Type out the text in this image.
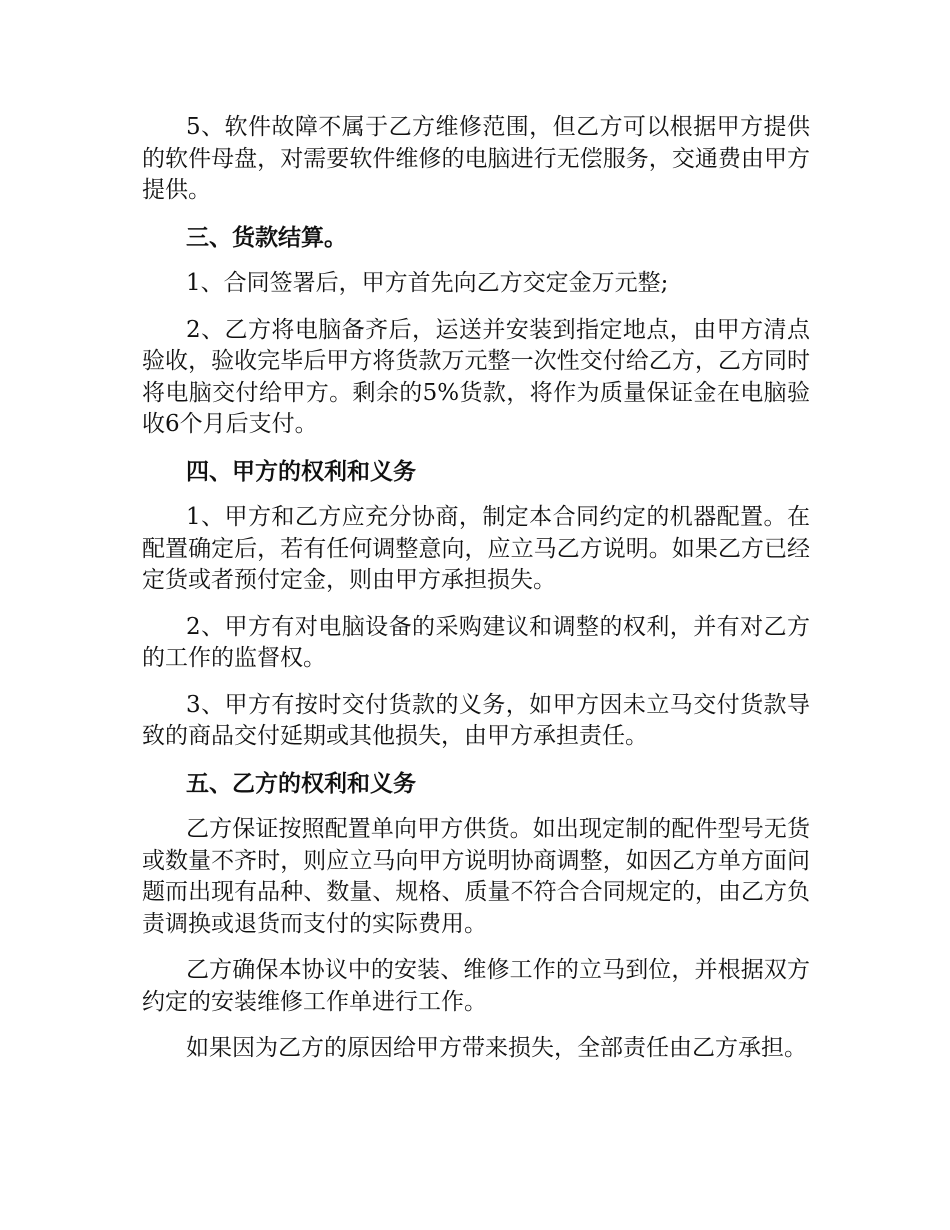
5、软件故障不属于乙方维修范围，但乙方可以根据甲方提供的软件母盘，对需要软件维修的电脑进行无偿服务，交通费由甲方提供。

三、货款结算。

1、合同签署后，甲方首先向乙方交定金万元整;

2、乙方将电脑备齐后，运送并安装到指定地点，由甲方清点验收，验收完毕后甲方将货款万元整一次性交付给乙方，乙方同时将电脑交付给甲方。剩余的5%货款，将作为质量保证金在电脑验收6个月后支付。

四、甲方的权利和义务

1、甲方和乙方应充分协商，制定本合同约定的机器配置。在配置确定后，若有任何调整意向，应立马乙方说明。如果乙方已经定货或者预付定金，则由甲方承担损失。

2、甲方有对电脑设备的采购建议和调整的权利，并有对乙方的工作的监督权。

3、甲方有按时交付货款的义务，如甲方因未立马交付货款导致的商品交付延期或其他损失，由甲方承担责任。

五、乙方的权利和义务

乙方保证按照配置单向甲方供货。如出现定制的配件型号无货或数量不齐时，则应立马向甲方说明协商调整，如因乙方单方面问题而出现有品种、数量、规格、质量不符合合同规定的，由乙方负责调换或退货而支付的实际费用。

乙方确保本协议中的安装、维修工作的立马到位，并根据双方约定的安装维修工作单进行工作。

如果因为乙方的原因给甲方带来损失，全部责任由乙方承担。
